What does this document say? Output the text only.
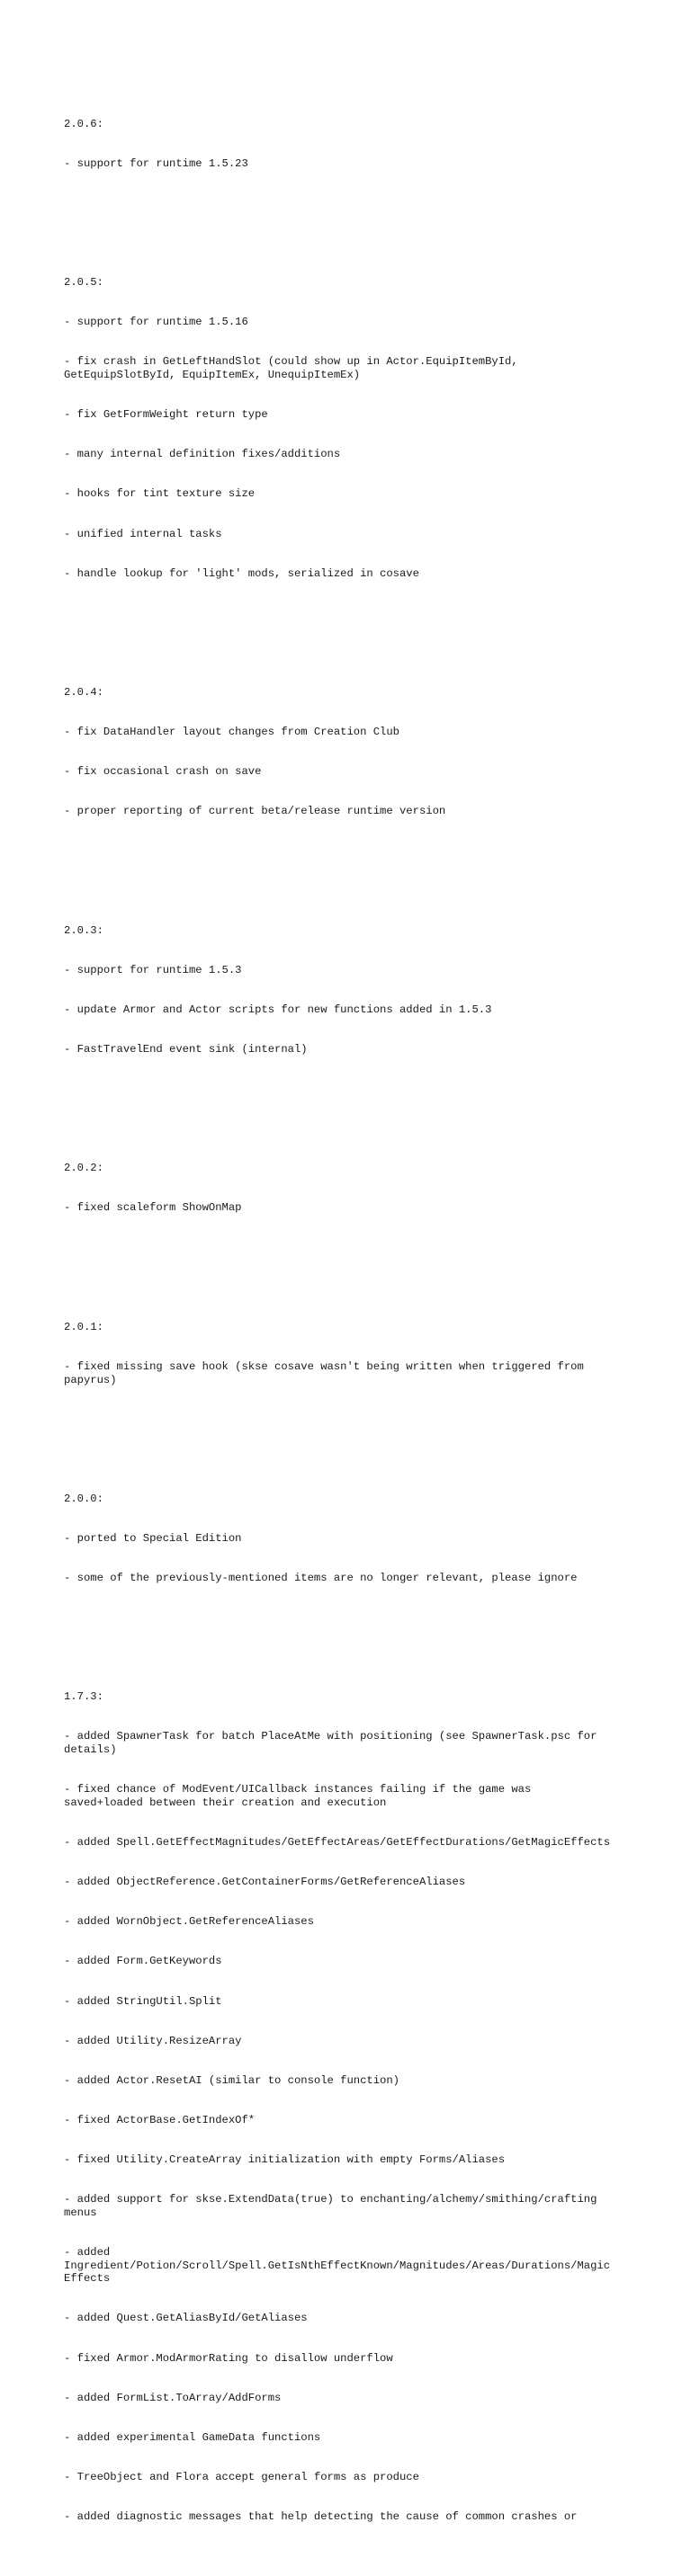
2.0.6:

- support for runtime 1.5.23

2.0.5:

- support for runtime 1.5.16

- fix crash in GetLeftHandSlot (could show up in Actor.EquipItemById,
GetEquipSlotById, EquipItemEx, UnequipItemEx)

- fix GetFormWeight return type

- many internal definition fixes/additions

- hooks for tint texture size

- unified internal tasks

- handle lookup for 'light' mods, serialized in cosave

2.0.4:

- fix DataHandler layout changes from Creation Club

- fix occasional crash on save

- proper reporting of current beta/release runtime version

2.0.3:

- support for runtime 1.5.3

- update Armor and Actor scripts for new functions added in 1.5.3

- FastTravelEnd event sink (internal)

2.0.2:

- fixed scaleform ShowOnMap

2.0.1:

- fixed missing save hook (skse cosave wasn't being written when triggered from
papyrus)

2.0.0:

- ported to Special Edition

- some of the previously-mentioned items are no longer relevant, please ignore

1.7.3:

- added SpawnerTask for batch PlaceAtMe with positioning (see SpawnerTask.psc for
details)

- fixed chance of ModEvent/UICallback instances failing if the game was
saved+loaded between their creation and execution

- added Spell.GetEffectMagnitudes/GetEffectAreas/GetEffectDurations/GetMagicEffects

- added ObjectReference.GetContainerForms/GetReferenceAliases

- added WornObject.GetReferenceAliases

- added Form.GetKeywords

- added StringUtil.Split

- added Utility.ResizeArray

- added Actor.ResetAI (similar to console function)

- fixed ActorBase.GetIndexOf*

- fixed Utility.CreateArray initialization with empty Forms/Aliases

- added support for skse.ExtendData(true) to enchanting/alchemy/smithing/crafting
menus

- added
Ingredient/Potion/Scroll/Spell.GetIsNthEffectKnown/Magnitudes/Areas/Durations/Magic
Effects

- added Quest.GetAliasById/GetAliases

- fixed Armor.ModArmorRating to disallow underflow

- added FormList.ToArray/AddForms

- added experimental GameData functions

- TreeObject and Flora accept general forms as produce

- added diagnostic messages that help detecting the cause of common crashes or
